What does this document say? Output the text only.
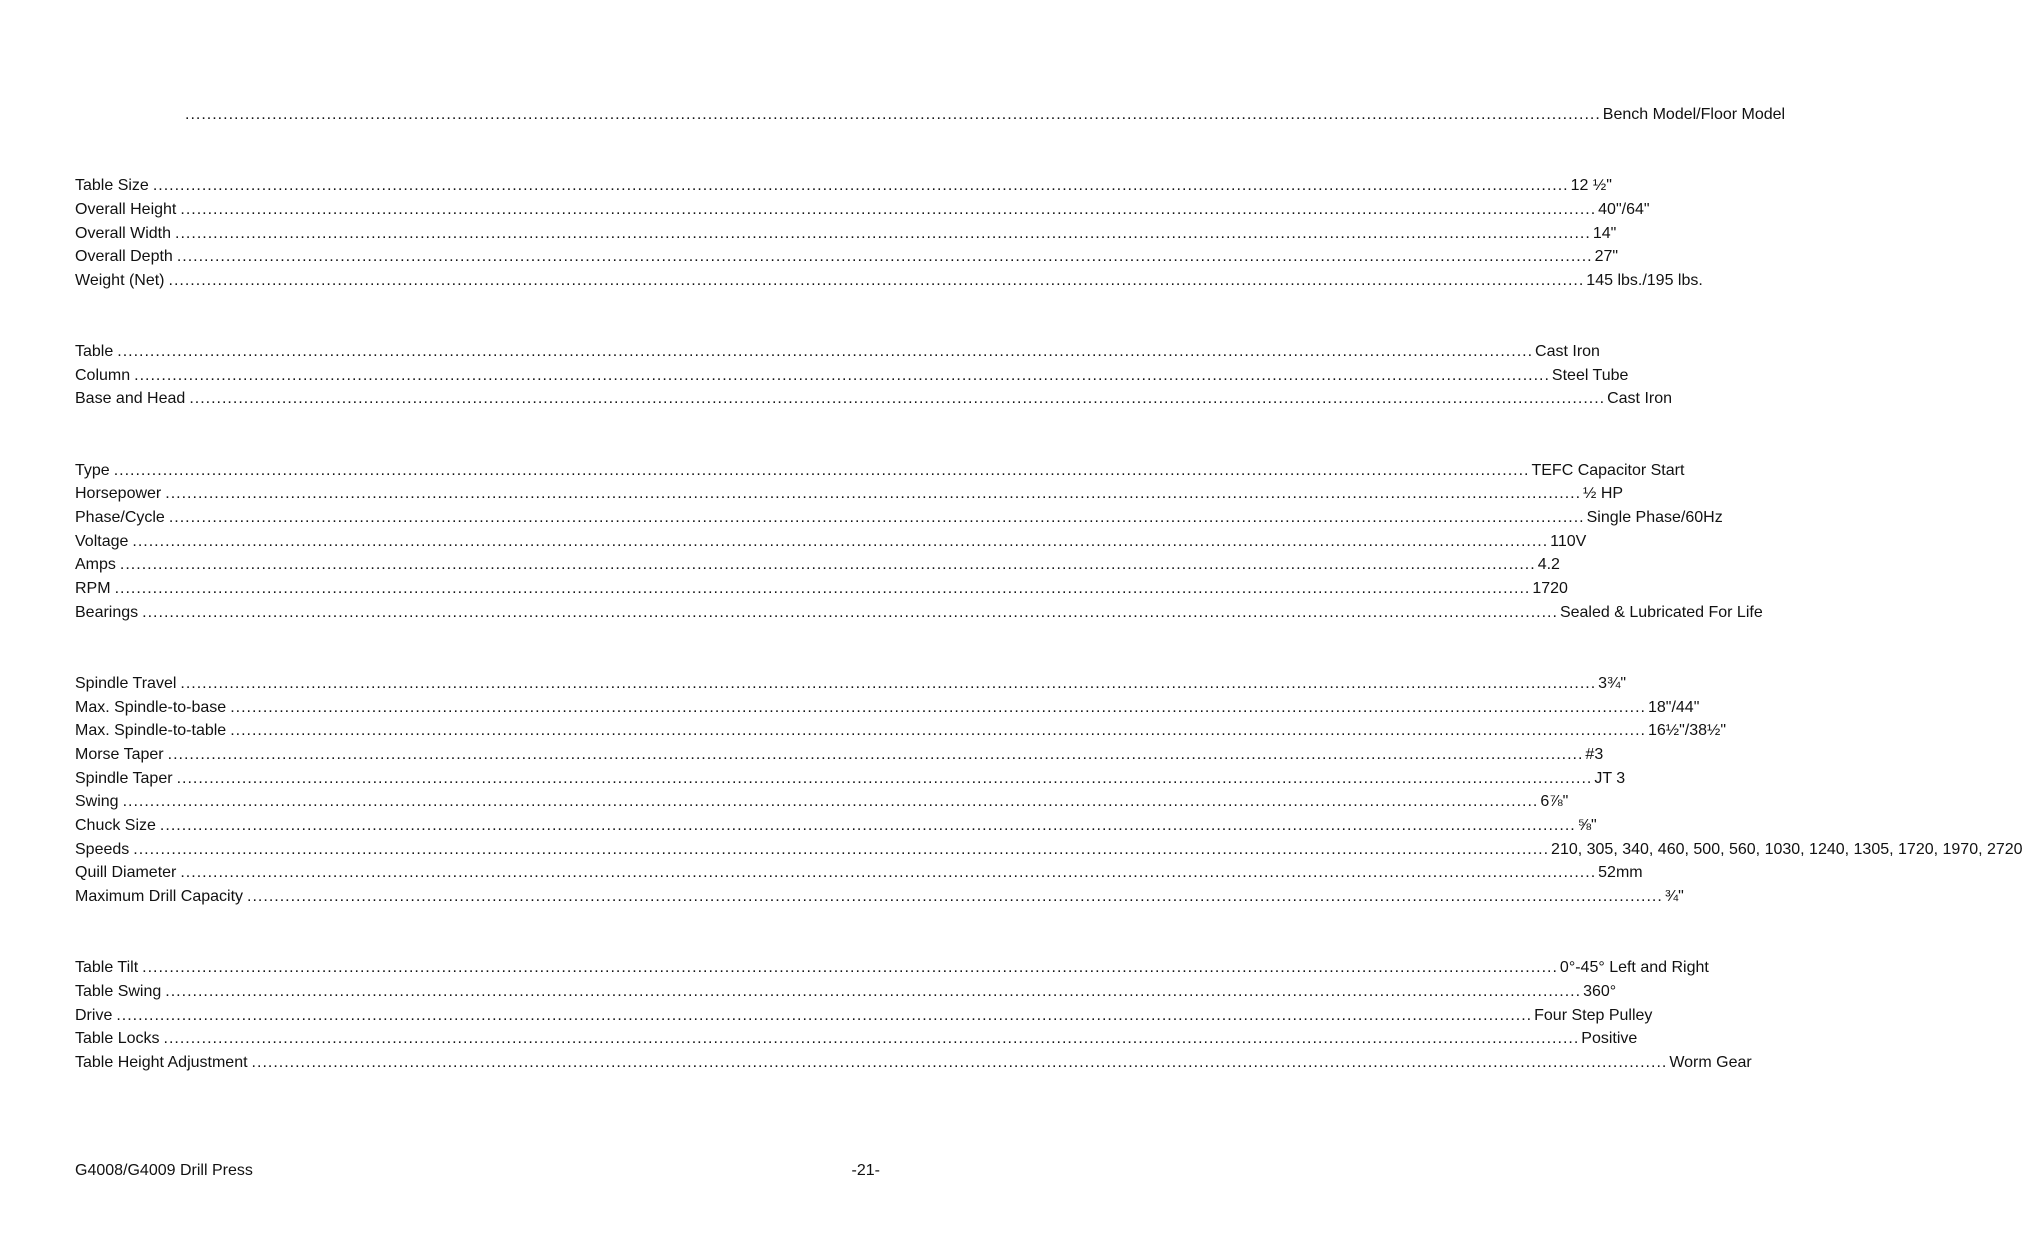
.................................................................................................................................................................................................................................................................... Bench Model/Floor Model
Table Size .................................................................................................................................................................................................................................................................... 12 ½"
Overall Height .................................................................................................................................................................................................................................................................... 40"/64"
Overall Width .................................................................................................................................................................................................................................................................... 14"
Overall Depth .................................................................................................................................................................................................................................................................... 27"
Weight (Net) .................................................................................................................................................................................................................................................................... 145 lbs./195 lbs.
Table .................................................................................................................................................................................................................................................................... Cast Iron
Column .................................................................................................................................................................................................................................................................... Steel Tube
Base and Head .................................................................................................................................................................................................................................................................... Cast Iron
Type .................................................................................................................................................................................................................................................................... TEFC Capacitor Start
Horsepower .................................................................................................................................................................................................................................................................... ½ HP
Phase/Cycle .................................................................................................................................................................................................................................................................... Single Phase/60Hz
Voltage .................................................................................................................................................................................................................................................................... 110V
Amps .................................................................................................................................................................................................................................................................... 4.2
RPM .................................................................................................................................................................................................................................................................... 1720
Bearings .................................................................................................................................................................................................................................................................... Sealed & Lubricated For Life
Spindle Travel .................................................................................................................................................................................................................................................................... 3¾"
Max. Spindle-to-base .................................................................................................................................................................................................................................................................... 18"/44"
Max. Spindle-to-table .................................................................................................................................................................................................................................................................... 16½"/38½"
Morse Taper .................................................................................................................................................................................................................................................................... #3
Spindle Taper .................................................................................................................................................................................................................................................................... JT 3
Swing .................................................................................................................................................................................................................................................................... 6⅞"
Chuck Size .................................................................................................................................................................................................................................................................... ⅝"
Speeds .................................................................................................................................................................................................................................................................... 210, 305, 340, 460, 500, 560, 1030, 1240, 1305, 1720, 1970, 2720
Quill Diameter .................................................................................................................................................................................................................................................................... 52mm
Maximum Drill Capacity .................................................................................................................................................................................................................................................................... ¾"
Table Tilt .................................................................................................................................................................................................................................................................... 0°-45° Left and Right
Table Swing .................................................................................................................................................................................................................................................................... 360°
Drive .................................................................................................................................................................................................................................................................... Four Step Pulley
Table Locks .................................................................................................................................................................................................................................................................... Positive
Table Height Adjustment .................................................................................................................................................................................................................................................................... Worm Gear
G4008/G4009 Drill Press	-21-
